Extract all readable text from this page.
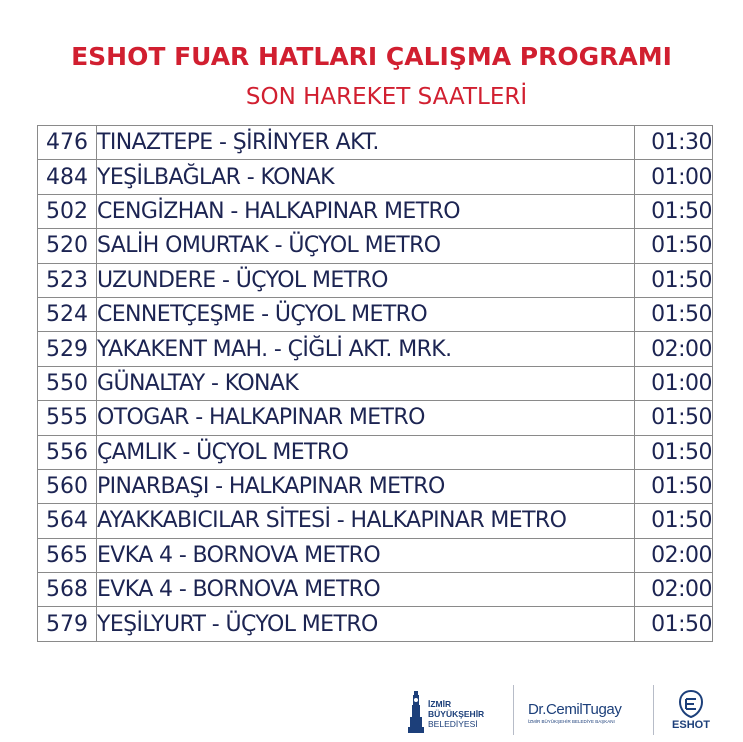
ESHOT FUAR HATLARI ÇALIŞMA PROGRAMI
SON HAREKET SAATLERİ
476	TINAZTEPE - ŞİRİNYER AKT.	01:30
484	YEŞİLBAĞLAR - KONAK	01:00
502	CENGİZHAN - HALKAPINAR METRO	01:50
520	SALİH OMURTAK - ÜÇYOL METRO	01:50
523	UZUNDERE - ÜÇYOL METRO	01:50
524	CENNETÇEŞME - ÜÇYOL METRO	01:50
529	YAKAKENT MAH. - ÇİĞLİ AKT. MRK.	02:00
550	GÜNALTAY - KONAK	01:00
555	OTOGAR - HALKAPINAR METRO	01:50
556	ÇAMLIK - ÜÇYOL METRO	01:50
560	PINARBAŞI - HALKAPINAR METRO	01:50
564	AYAKKABICILAR SİTESİ - HALKAPINAR METRO	01:50
565	EVKA 4 - BORNOVA METRO	02:00
568	EVKA 4 - BORNOVA METRO	02:00
579	YEŞİLYURT - ÜÇYOL METRO	01:50
İZMİR
BÜYÜKŞEHİR
BELEDİYESİ
Dr.CemilTugay
İZMİR BÜYÜKŞEHİR BELEDİYE BAŞKANI	ESHOT
